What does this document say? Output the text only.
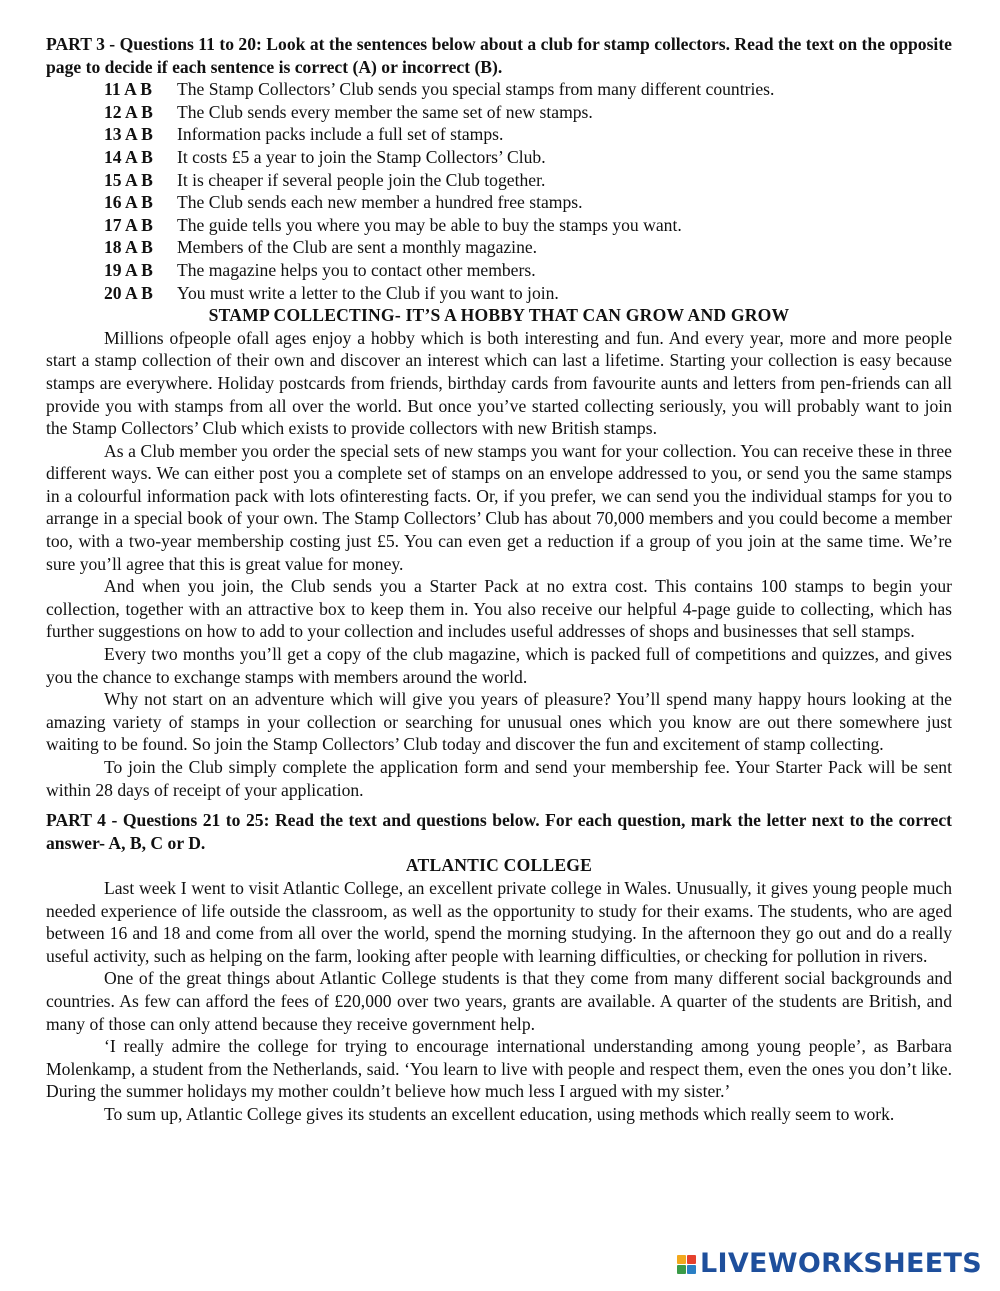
PART 3 - Questions 11 to 20: Look at the sentences below about a club for stamp collectors. Read the text on the opposite page to decide if each sentence is correct (A) or incorrect (B).

11 A B	The Stamp Collectors’ Club sends you special stamps from many different countries.
12 A B	The Club sends every member the same set of new stamps.
13 A B	Information packs include a full set of stamps.
14 A B	It costs £5 a year to join the Stamp Collectors’ Club.
15 A B	It is cheaper if several people join the Club together.
16 A B	The Club sends each new member a hundred free stamps.
17 A B	The guide tells you where you may be able to buy the stamps you want.
18 A B	Members of the Club are sent a monthly magazine.
19 A B	The magazine helps you to contact other members.
20 A B	You must write a letter to the Club if you want to join.

STAMP COLLECTING- IT’S A HOBBY THAT CAN GROW AND GROW

Millions ofpeople ofall ages enjoy a hobby which is both interesting and fun. And every year, more and more people start a stamp collection of their own and discover an interest which can last a lifetime. Starting your collection is easy because stamps are everywhere. Holiday postcards from friends, birthday cards from favourite aunts and letters from pen-friends can all provide you with stamps from all over the world. But once you’ve started collecting seriously, you will probably want to join the Stamp Collectors’ Club which exists to provide collectors with new British stamps.

As a Club member you order the special sets of new stamps you want for your collection. You can receive these in three different ways. We can either post you a complete set of stamps on an envelope addressed to you, or send you the same stamps in a colourful information pack with lots ofinteresting facts. Or, if you prefer, we can send you the individual stamps for you to arrange in a special book of your own. The Stamp Collectors’ Club has about 70,000 members and you could become a member too, with a two-year membership costing just £5. You can even get a reduction if a group of you join at the same time. We’re sure you’ll agree that this is great value for money.

And when you join, the Club sends you a Starter Pack at no extra cost. This contains 100 stamps to begin your collection, together with an attractive box to keep them in. You also receive our helpful 4-page guide to collecting, which has further suggestions on how to add to your collection and includes useful addresses of shops and businesses that sell stamps.

Every two months you’ll get a copy of the club magazine, which is packed full of competitions and quizzes, and gives you the chance to exchange stamps with members around the world.

Why not start on an adventure which will give you years of pleasure? You’ll spend many happy hours looking at the amazing variety of stamps in your collection or searching for unusual ones which you know are out there somewhere just waiting to be found. So join the Stamp Collectors’ Club today and discover the fun and excitement of stamp collecting.

To join the Club simply complete the application form and send your membership fee. Your Starter Pack will be sent within 28 days of receipt of your application.

PART 4 - Questions 21 to 25: Read the text and questions below. For each question, mark the letter next to the correct answer- A, B, C or D.

ATLANTIC COLLEGE

Last week I went to visit Atlantic College, an excellent private college in Wales. Unusually, it gives young people much needed experience of life outside the classroom, as well as the opportunity to study for their exams. The students, who are aged between 16 and 18 and come from all over the world, spend the morning studying. In the afternoon they go out and do a really useful activity, such as helping on the farm, looking after people with learning difficulties, or checking for pollution in rivers.

One of the great things about Atlantic College students is that they come from many different social backgrounds and countries. As few can afford the fees of £20,000 over two years, grants are available. A quarter of the students are British, and many of those can only attend because they receive government help.

‘I really admire the college for trying to encourage international understanding among young people’, as Barbara Molenkamp, a student from the Netherlands, said. ‘You learn to live with people and respect them, even the ones you don’t like. During the summer holidays my mother couldn’t believe how much less I argued with my sister.’

To sum up, Atlantic College gives its students an excellent education, using methods which really seem to work.

LIVEWORKSHEETS
